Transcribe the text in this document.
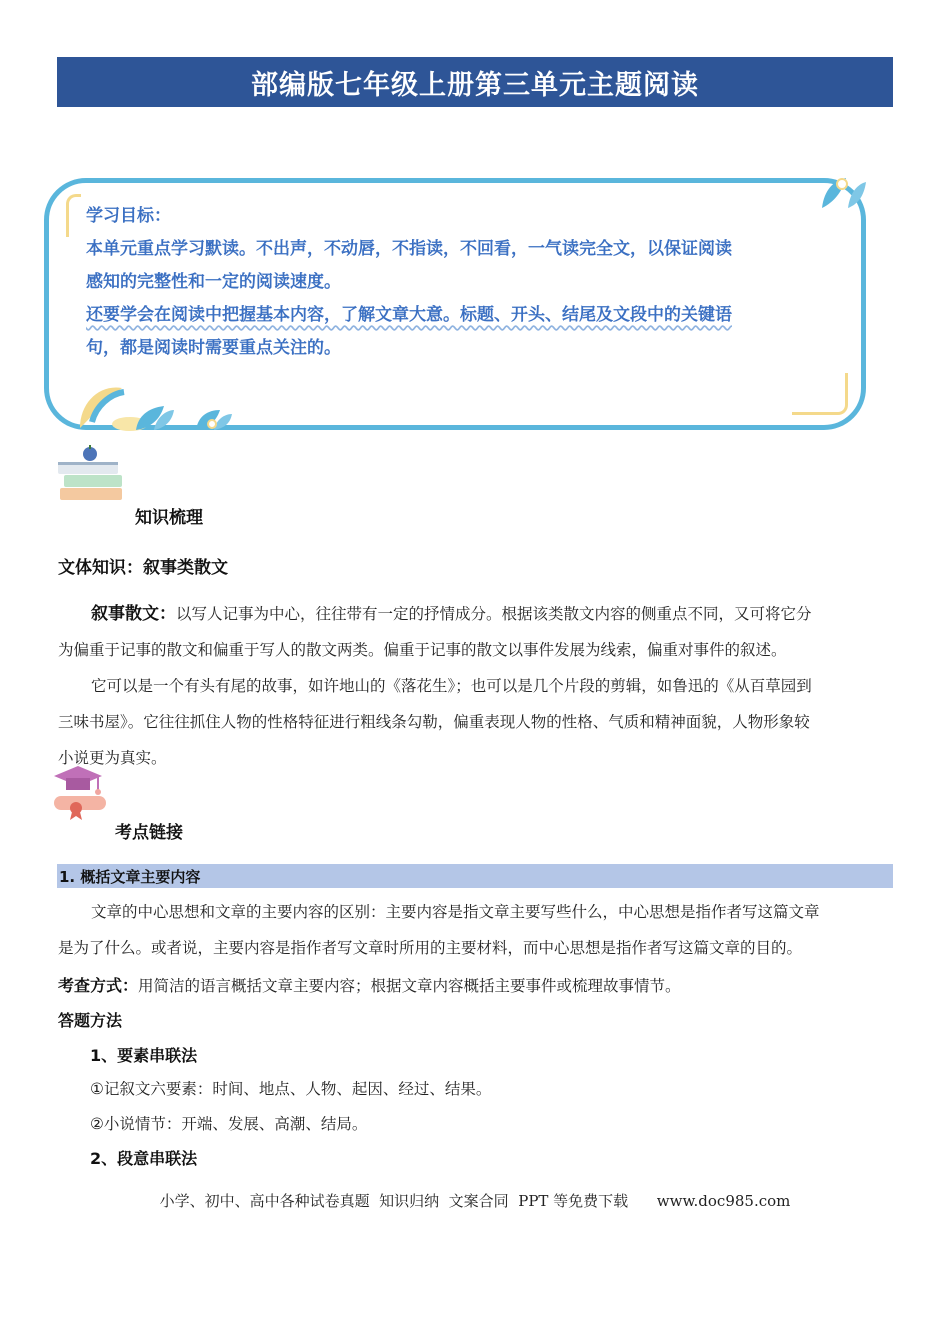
部编版七年级上册第三单元主题阅读
学习目标：
本单元重点学习默读。不出声，不动唇，不指读，不回看，一气读完全文，以保证阅读
感知的完整性和一定的阅读速度。
还要学会在阅读中把握基本内容，了解文章大意。标题、开头、结尾及文段中的关键语
句，都是阅读时需要重点关注的。
知识梳理
文体知识：叙事类散文
叙事散文：以写人记事为中心，往往带有一定的抒情成分。根据该类散文内容的侧重点不同，又可将它分
为偏重于记事的散文和偏重于写人的散文两类。偏重于记事的散文以事件发展为线索，偏重对事件的叙述。
它可以是一个有头有尾的故事，如许地山的《落花生》；也可以是几个片段的剪辑，如鲁迅的《从百草园到
三味书屋》。它往往抓住人物的性格特征进行粗线条勾勒，偏重表现人物的性格、气质和精神面貌，人物形象较
小说更为真实。
考点链接
1. 概括文章主要内容
文章的中心思想和文章的主要内容的区别：主要内容是指文章主要写些什么，中心思想是指作者写这篇文章
是为了什么。或者说，主要内容是指作者写文章时所用的主要材料，而中心思想是指作者写这篇文章的目的。
考查方式：用简洁的语言概括文章主要内容；根据文章内容概括主要事件或梳理故事情节。
答题方法
1、要素串联法
①记叙文六要素：时间、地点、人物、起因、经过、结果。
②小说情节：开端、发展、高潮、结局。
2、段意串联法
小学、初中、高中各种试卷真题  知识归纳  文案合同  PPT 等免费下载      www.doc985.com
